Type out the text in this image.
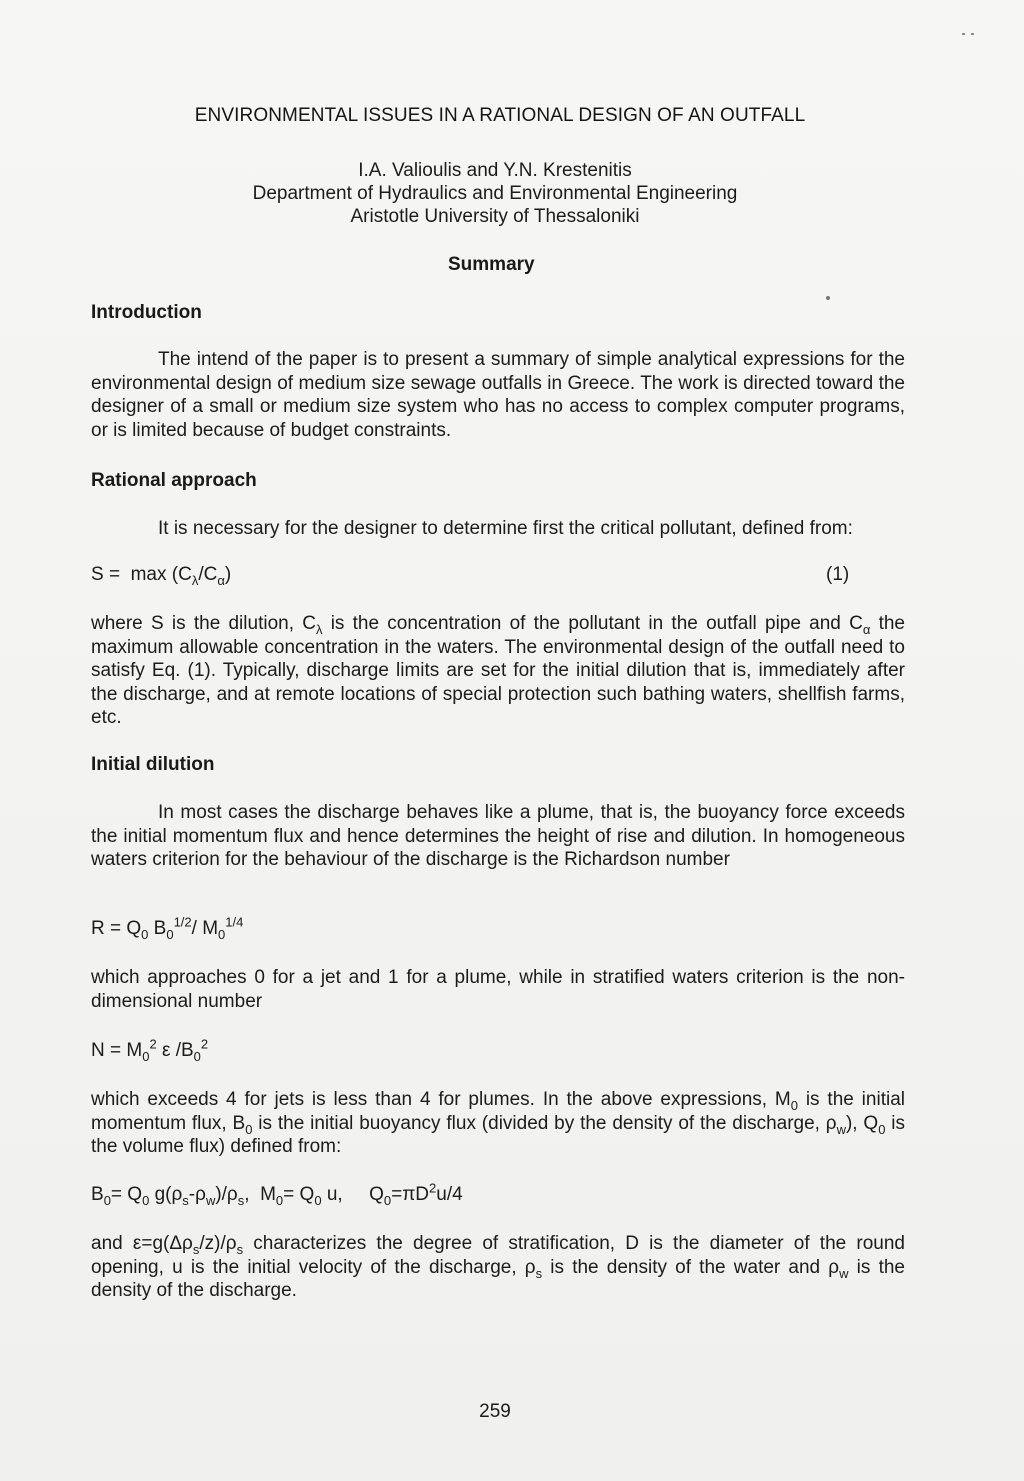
ENVIRONMENTAL ISSUES IN A RATIONAL DESIGN OF AN OUTFALL
I.A. Valioulis and Y.N. Krestenitis
Department of Hydraulics and Environmental Engineering
Aristotle University of Thessaloniki
Summary
Introduction
The intend of the paper is to present a summary of simple analytical expressions for the environmental design of medium size sewage outfalls in Greece. The work is directed toward the designer of a small or medium size system who has no access to complex computer programs, or is limited because of budget constraints.
Rational approach
It is necessary for the designer to determine first the critical pollutant, defined from:
$S = \max (C_\lambda/C_\alpha)$	(1)
where S is the dilution, $C_\lambda$ is the concentration of the pollutant in the outfall pipe and $C_\alpha$ the maximum allowable concentration in the waters. The environmental design of the outfall need to satisfy Eq. (1). Typically, discharge limits are set for the initial dilution that is, immediately after the discharge, and at remote locations of special protection such bathing waters, shellfish farms, etc.
Initial dilution
In most cases the discharge behaves like a plume, that is, the buoyancy force exceeds the initial momentum flux and hence determines the height of rise and dilution. In homogeneous waters criterion for the behaviour of the discharge is the Richardson number
$R = Q_0$ $B_0^{1/2}/$ $M_0^{1/4}$
which approaches 0 for a jet and 1 for a plume, while in stratified waters criterion is the non-dimensional number
$N = M_0^2$ ε $/B_0^2$
which exceeds 4 for jets is less than 4 for plumes. In the above expressions, $M_0$ is the initial momentum flux, $B_0$ is the initial buoyancy flux (divided by the density of the discharge, $\rho_w$), $Q_0$ is the volume flux) defined from:
$B_0= Q_0$ $g(\rho_s-\rho_w)/\rho_s$,  $M_0= Q_0$ u,     $Q_0=\pi D^2u/4$
and $\varepsilon=g(\Delta\rho_s/z)/\rho_s$ characterizes the degree of stratification, D is the diameter of the round opening, u is the initial velocity of the discharge, $\rho_s$ is the density of the water and $\rho_w$ is the density of the discharge.
259
